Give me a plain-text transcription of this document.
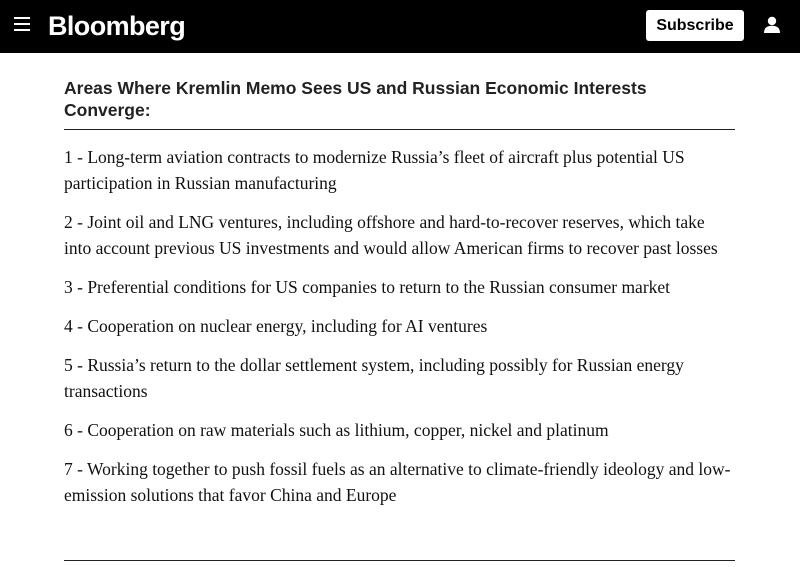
Bloomberg	Subscribe
Areas Where Kremlin Memo Sees US and Russian Economic Interests Converge:
1 - Long-term aviation contracts to modernize Russia’s fleet of aircraft plus potential US participation in Russian manufacturing
2 - Joint oil and LNG ventures, including offshore and hard-to-recover reserves, which take into account previous US investments and would allow American firms to recover past losses
3 - Preferential conditions for US companies to return to the Russian consumer market
4 - Cooperation on nuclear energy, including for AI ventures
5 - Russia’s return to the dollar settlement system, including possibly for Russian energy transactions
6 - Cooperation on raw materials such as lithium, copper, nickel and platinum
7 - Working together to push fossil fuels as an alternative to climate-friendly ideology and low-emission solutions that favor China and Europe
